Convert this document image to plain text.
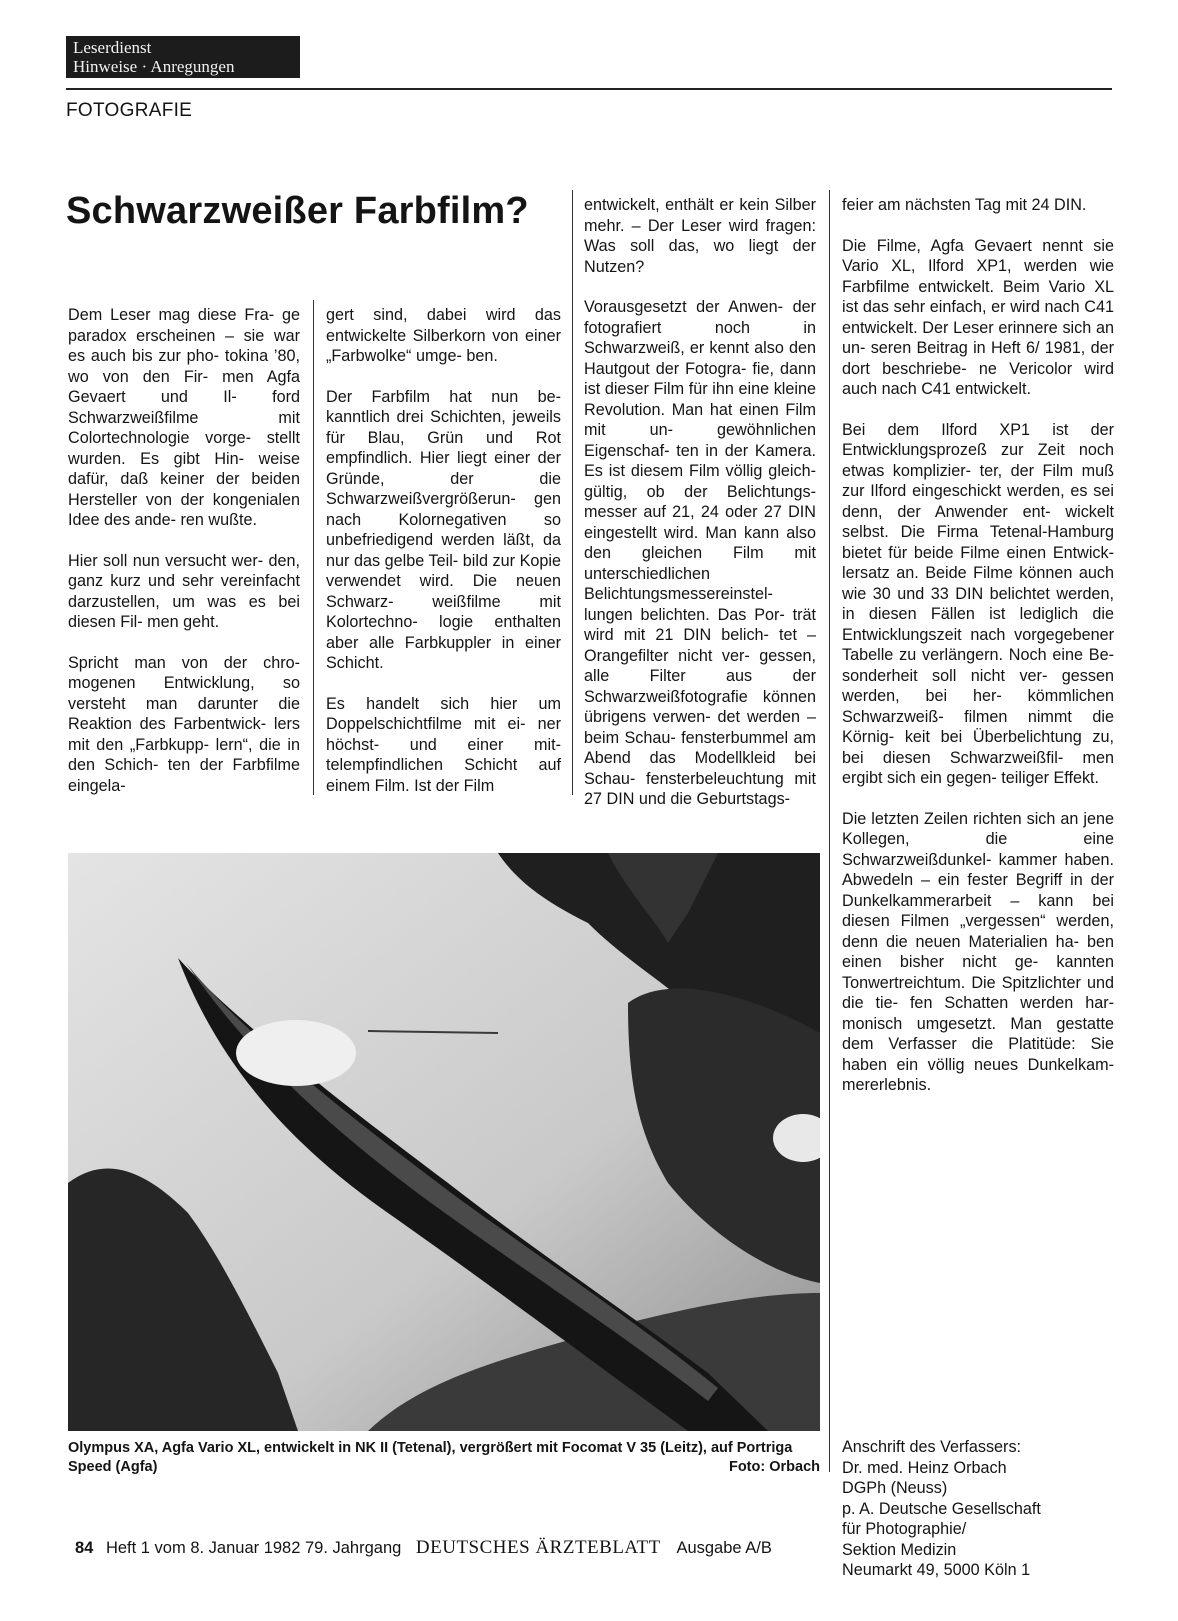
Leserdienst
Hinweise · Anregungen
FOTOGRAFIE
Schwarzweißer Farbfilm?

Dem Leser mag diese Fra- ge paradox erscheinen – sie war es auch bis zur pho- tokina ’80, wo von den Fir- men Agfa Gevaert und Il- ford Schwarzweißfilme mit Colortechnologie vorge- stellt wurden. Es gibt Hin- weise dafür, daß keiner der beiden Hersteller von der kongenialen Idee des ande- ren wußte.

Hier soll nun versucht wer- den, ganz kurz und sehr vereinfacht darzustellen, um was es bei diesen Fil- men geht.

Spricht man von der chro- mogenen Entwicklung, so versteht man darunter die Reaktion des Farbentwick- lers mit den „Farbkupp- lern“, die in den Schich- ten der Farbfilme eingela-

gert sind, dabei wird das entwickelte Silberkorn von einer „Farbwolke“ umge- ben.

Der Farbfilm hat nun be- kanntlich drei Schichten, jeweils für Blau, Grün und Rot empfindlich. Hier liegt einer der Gründe, der die Schwarzweißvergrößerun- gen nach Kolornegativen so unbefriedigend werden läßt, da nur das gelbe Teil- bild zur Kopie verwendet wird. Die neuen Schwarz- weißfilme mit Kolortechno- logie enthalten aber alle Farbkuppler in einer Schicht.

Es handelt sich hier um Doppelschichtfilme mit ei- ner höchst- und einer mit- telempfindlichen Schicht auf einem Film. Ist der Film

entwickelt, enthält er kein Silber mehr. – Der Leser wird fragen: Was soll das, wo liegt der Nutzen?

Vorausgesetzt der Anwen- der fotografiert noch in Schwarzweiß, er kennt also den Hautgout der Fotogra- fie, dann ist dieser Film für ihn eine kleine Revolution. Man hat einen Film mit un- gewöhnlichen Eigenschaf- ten in der Kamera. Es ist diesem Film völlig gleich- gültig, ob der Belichtungs- messer auf 21, 24 oder 27 DIN eingestellt wird. Man kann also den gleichen Film mit unterschiedlichen Belichtungsmessereinstel- lungen belichten. Das Por- trät wird mit 21 DIN belich- tet – Orangefilter nicht ver- gessen, alle Filter aus der Schwarzweißfotografie können übrigens verwen- det werden – beim Schau- fensterbummel am Abend das Modellkleid bei Schau- fensterbeleuchtung mit 27 DIN und die Geburtstags-

feier am nächsten Tag mit 24 DIN.

Die Filme, Agfa Gevaert nennt sie Vario XL, Ilford XP1, werden wie Farbfilme entwickelt. Beim Vario XL ist das sehr einfach, er wird nach C41 entwickelt. Der Leser erinnere sich an un- seren Beitrag in Heft 6/ 1981, der dort beschriebe- ne Vericolor wird auch nach C41 entwickelt.

Bei dem Ilford XP1 ist der Entwicklungsprozeß zur Zeit noch etwas komplizier- ter, der Film muß zur Ilford eingeschickt werden, es sei denn, der Anwender ent- wickelt selbst. Die Firma Tetenal-Hamburg bietet für beide Filme einen Entwick- lersatz an. Beide Filme können auch wie 30 und 33 DIN belichtet werden, in diesen Fällen ist lediglich die Entwicklungszeit nach vorgegebener Tabelle zu verlängern. Noch eine Be- sonderheit soll nicht ver- gessen werden, bei her- kömmlichen Schwarzweiß- filmen nimmt die Körnig- keit bei Überbelichtung zu, bei diesen Schwarzweißfil- men ergibt sich ein gegen- teiliger Effekt.

Die letzten Zeilen richten sich an jene Kollegen, die eine Schwarzweißdunkel- kammer haben. Abwedeln – ein fester Begriff in der Dunkelkammerarbeit – kann bei diesen Filmen „vergessen“ werden, denn die neuen Materialien ha- ben einen bisher nicht ge- kannten Tonwertreichtum. Die Spitzlichter und die tie- fen Schatten werden har- monisch umgesetzt. Man gestatte dem Verfasser die Platitüde: Sie haben ein völlig neues Dunkelkam- mererlebnis.

Anschrift des Verfassers:
Dr. med. Heinz Orbach
DGPh (Neuss)
p. A. Deutsche Gesellschaft
für Photographie/
Sektion Medizin
Neumarkt 49, 5000 Köln 1
Olympus XA, Agfa Vario XL, entwickelt in NK II (Tetenal), vergrößert mit Focomat V 35 (Leitz), auf Portriga Speed (Agfa)	Foto: Orbach
84 Heft 1 vom 8. Januar 1982 79. Jahrgang DEUTSCHES ÄRZTEBLATT Ausgabe A/B
